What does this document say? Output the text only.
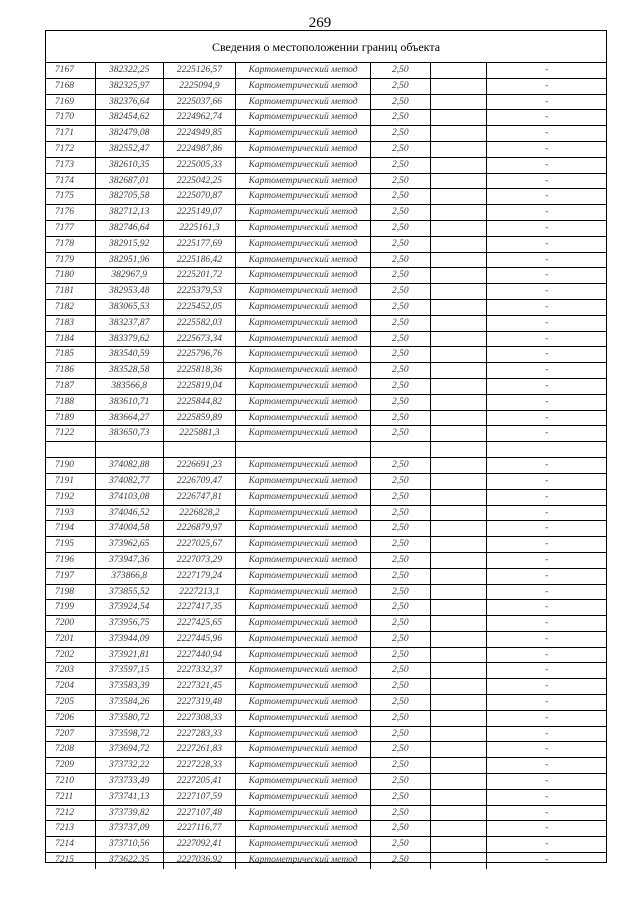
269
Сведения о местоположении границ объекта
7167	382322,25	2225126,57	Картометрический метод	2,50	-
7168	382325,97	2225094,9	Картометрический метод	2,50	-
7169	382376,64	2225037,66	Картометрический метод	2,50	-
7170	382454,62	2224962,74	Картометрический метод	2,50	-
7171	382479,08	2224949,85	Картометрический метод	2,50	-
7172	382552,47	2224987,86	Картометрический метод	2,50	-
7173	382610,35	2225005,33	Картометрический метод	2,50	-
7174	382687,01	2225042,25	Картометрический метод	2,50	-
7175	382705,58	2225070,87	Картометрический метод	2,50	-
7176	382712,13	2225149,07	Картометрический метод	2,50	-
7177	382746,64	2225161,3	Картометрический метод	2,50	-
7178	382915,92	2225177,69	Картометрический метод	2,50	-
7179	382951,96	2225186,42	Картометрический метод	2,50	-
7180	382967,9	2225201,72	Картометрический метод	2,50	-
7181	382953,48	2225379,53	Картометрический метод	2,50	-
7182	383065,53	2225452,05	Картометрический метод	2,50	-
7183	383237,87	2225582,03	Картометрический метод	2,50	-
7184	383379,62	2225673,34	Картометрический метод	2,50	-
7185	383540,59	2225796,76	Картометрический метод	2,50	-
7186	383528,58	2225818,36	Картометрический метод	2,50	-
7187	383566,8	2225819,04	Картометрический метод	2,50	-
7188	383610,71	2225844,82	Картометрический метод	2,50	-
7189	383664,27	2225859,89	Картометрический метод	2,50	-
7122	383650,73	2225881,3	Картометрический метод	2,50	-
7190	374082,88	2226691,23	Картометрический метод	2,50	-
7191	374082,77	2226709,47	Картометрический метод	2,50	-
7192	374103,08	2226747,81	Картометрический метод	2,50	-
7193	374046,52	2226828,2	Картометрический метод	2,50	-
7194	374004,58	2226879,97	Картометрический метод	2,50	-
7195	373962,65	2227025,67	Картометрический метод	2,50	-
7196	373947,36	2227073,29	Картометрический метод	2,50	-
7197	373866,8	2227179,24	Картометрический метод	2,50	-
7198	373855,52	2227213,1	Картометрический метод	2,50	-
7199	373924,54	2227417,35	Картометрический метод	2,50	-
7200	373956,75	2227425,65	Картометрический метод	2,50	-
7201	373944,09	2227445,96	Картометрический метод	2,50	-
7202	373921,81	2227440,94	Картометрический метод	2,50	-
7203	373597,15	2227332,37	Картометрический метод	2,50	-
7204	373583,39	2227321,45	Картометрический метод	2,50	-
7205	373584,26	2227319,48	Картометрический метод	2,50	-
7206	373580,72	2227308,33	Картометрический метод	2,50	-
7207	373598,72	2227283,33	Картометрический метод	2,50	-
7208	373694,72	2227261,83	Картометрический метод	2,50	-
7209	373732,22	2227228,33	Картометрический метод	2,50	-
7210	373733,49	2227205,41	Картометрический метод	2,50	-
7211	373741,13	2227107,59	Картометрический метод	2,50	-
7212	373739,82	2227107,48	Картометрический метод	2,50	-
7213	373737,09	2227116,77	Картометрический метод	2,50	-
7214	373710,56	2227092,41	Картометрический метод	2,50	-
7215	373622,35	2227036,92	Картометрический метод	2,50	-
